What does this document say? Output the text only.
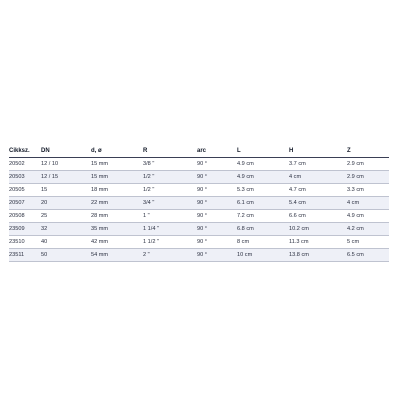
Cikksz.	DN	d, ø	R	arc	L	H	Z
20502	12 / 10	15 mm	3/8 "	90 °	4.9 cm	3.7 cm	2.9 cm
20503	12 / 15	15 mm	1/2 "	90 °	4.9 cm	4 cm	2.9 cm
20505	15	18 mm	1/2 "	90 °	5.3 cm	4.7 cm	3.3 cm
20507	20	22 mm	3/4 "	90 °	6.1 cm	5.4 cm	4 cm
20508	25	28 mm	1 "	90 °	7.2 cm	6.6 cm	4.9 cm
23509	32	35 mm	1 1/4 "	90 °	6.8 cm	10.2 cm	4.2 cm
23510	40	42 mm	1 1/2 "	90 °	8 cm	11.3 cm	5 cm
23511	50	54 mm	2 "	90 °	10 cm	13.8 cm	6.5 cm
